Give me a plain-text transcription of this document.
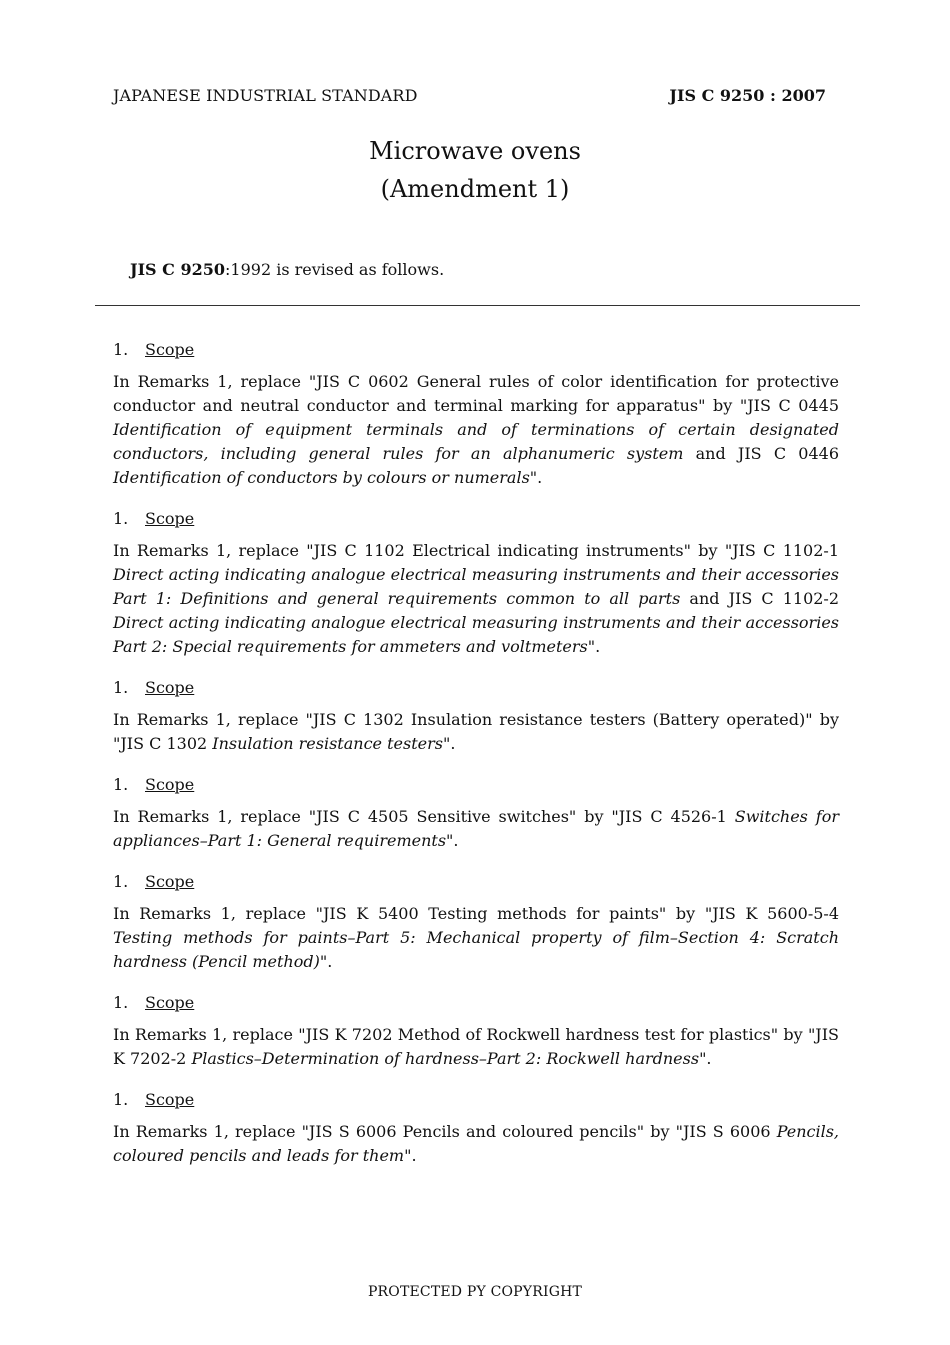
JAPANESE INDUSTRIAL STANDARD	JIS C 9250 : 2007
Microwave ovens
(Amendment 1)
JIS C 9250:1992 is revised as follows.
1. Scope
In Remarks 1, replace "JIS C 0602 General rules of color identification for protective conductor and neutral conductor and terminal marking for apparatus" by "JIS C 0445 Identification of equipment terminals and of terminations of certain designated conductors, including general rules for an alphanumeric system and JIS C 0446 Identification of conductors by colours or numerals".
1. Scope
In Remarks 1, replace "JIS C 1102 Electrical indicating instruments" by "JIS C 1102-1 Direct acting indicating analogue electrical measuring instruments and their accessories Part 1: Definitions and general requirements common to all parts and JIS C 1102-2 Direct acting indicating analogue electrical measuring instruments and their accessories Part 2: Special requirements for ammeters and voltmeters".
1. Scope
In Remarks 1, replace "JIS C 1302 Insulation resistance testers (Battery operated)" by "JIS C 1302 Insulation resistance testers".
1. Scope
In Remarks 1, replace "JIS C 4505 Sensitive switches" by "JIS C 4526-1 Switches for appliances–Part 1: General requirements".
1. Scope
In Remarks 1, replace "JIS K 5400 Testing methods for paints" by "JIS K 5600-5-4 Testing methods for paints–Part 5: Mechanical property of film–Section 4: Scratch hardness (Pencil method)".
1. Scope
In Remarks 1, replace "JIS K 7202 Method of Rockwell hardness test for plastics" by "JIS K 7202-2 Plastics–Determination of hardness–Part 2: Rockwell hardness".
1. Scope
In Remarks 1, replace "JIS S 6006 Pencils and coloured pencils" by "JIS S 6006 Pencils, coloured pencils and leads for them".
PROTECTED PY COPYRIGHT
